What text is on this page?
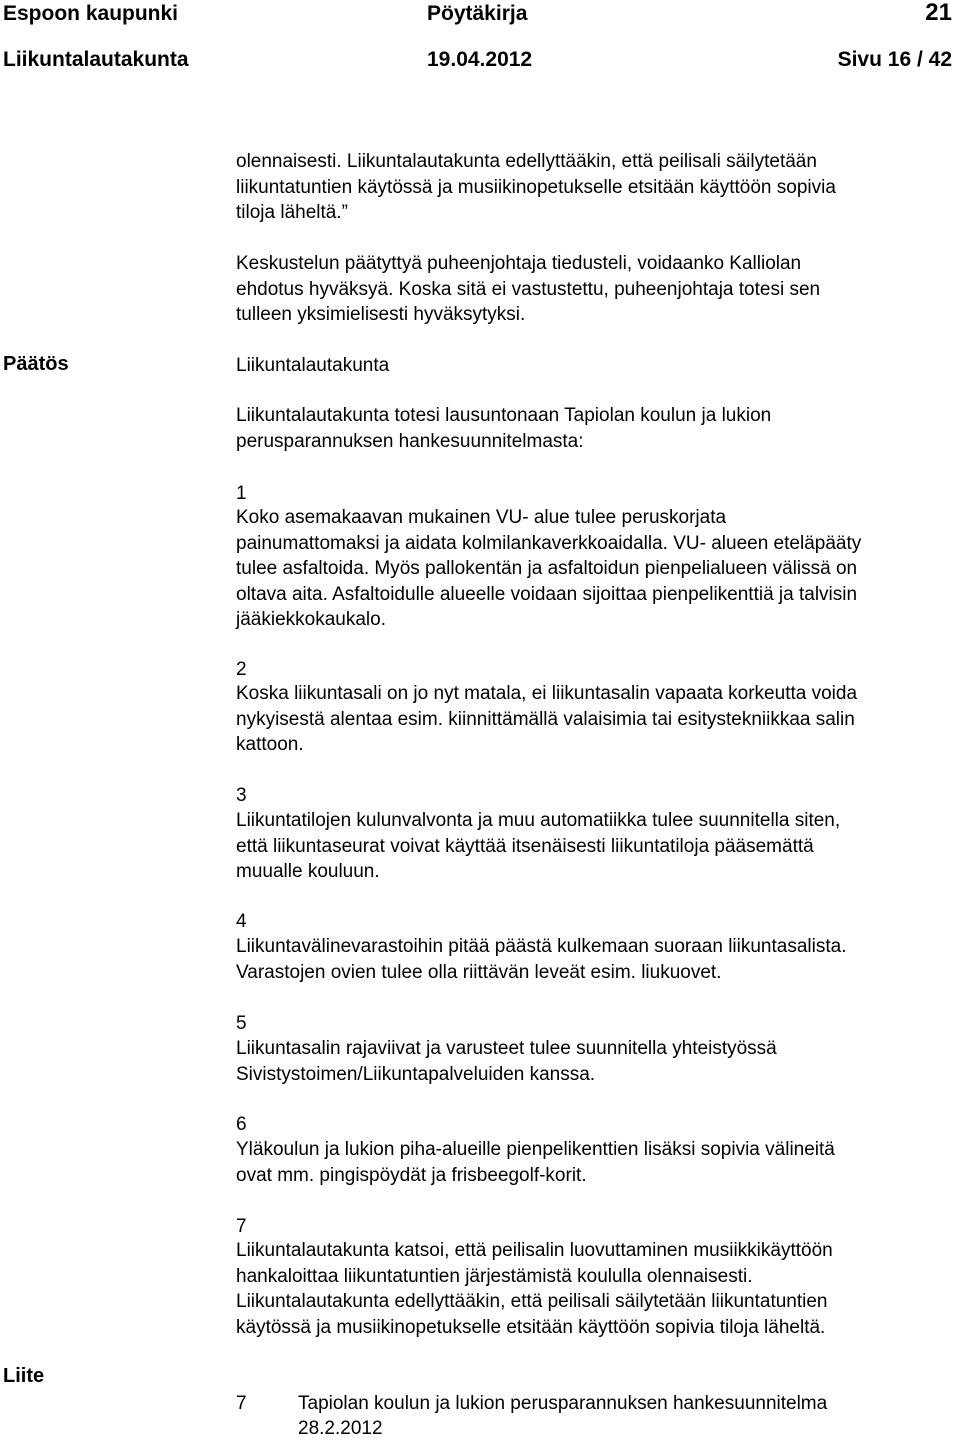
Espoon kaupunki	Pöytäkirja	21
Liikuntalautakunta	19.04.2012	Sivu 16 / 42
olennaisesti. Liikuntalautakunta edellyttääkin, että peilisali säilytetään
liikuntatuntien käytössä ja musiikinopetukselle etsitään käyttöön sopivia
tiloja läheltä.”
Keskustelun päätyttyä puheenjohtaja tiedusteli, voidaanko Kalliolan
ehdotus hyväksyä. Koska sitä ei vastustettu, puheenjohtaja totesi sen
tulleen yksimielisesti hyväksytyksi.
Päätös	Liikuntalautakunta
Liikuntalautakunta totesi lausuntonaan Tapiolan koulun ja lukion
perusparannuksen hankesuunnitelmasta:
1
Koko asemakaavan mukainen VU- alue tulee peruskorjata
painumattomaksi ja aidata kolmilankaverkkoaidalla. VU- alueen eteläpääty
tulee asfaltoida. Myös pallokentän ja asfaltoidun pienpelialueen välissä on
oltava aita. Asfaltoidulle alueelle voidaan sijoittaa pienpelikenttiä ja talvisin
jääkiekkokaukalo.
2
Koska liikuntasali on jo nyt matala, ei liikuntasalin vapaata korkeutta voida
nykyisestä alentaa esim. kiinnittämällä valaisimia tai esitystekniikkaa salin
kattoon.
3
Liikuntatilojen kulunvalvonta ja muu automatiikka tulee suunnitella siten,
että liikuntaseurat voivat käyttää itsenäisesti liikuntatiloja pääsemättä
muualle kouluun.
4
Liikuntavälinevarastoihin pitää päästä kulkemaan suoraan liikuntasalista.
Varastojen ovien tulee olla riittävän leveät esim. liukuovet.
5
Liikuntasalin rajaviivat ja varusteet tulee suunnitella yhteistyössä
Sivistystoimen/Liikuntapalveluiden kanssa.
6
Yläkoulun ja lukion piha-alueille pienpelikenttien lisäksi sopivia välineitä
ovat mm. pingispöydät ja frisbeegolf-korit.
7
Liikuntalautakunta katsoi, että peilisalin luovuttaminen musiikkikäyttöön
hankaloittaa liikuntatuntien järjestämistä koululla olennaisesti.
Liikuntalautakunta edellyttääkin, että peilisali säilytetään liikuntatuntien
käytössä ja musiikinopetukselle etsitään käyttöön sopivia tiloja läheltä.
Liite
7	Tapiolan koulun ja lukion perusparannuksen hankesuunnitelma
28.2.2012
